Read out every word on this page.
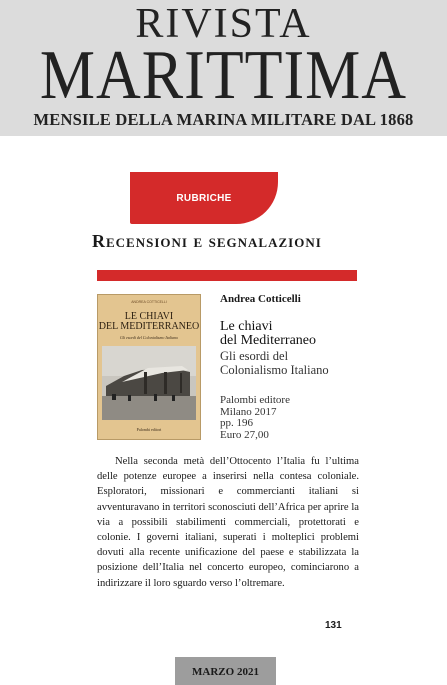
RIVISTA
MARITTIMA
MENSILE DELLA MARINA MILITARE DAL 1868
RUBRICHE
Recensioni e segnalazioni
ANDREA COTTICELLI
LE CHIAVI
DEL MEDITERRANEO
Gli esordi del Colonialismo Italiano
Palombi editori
Andrea Cotticelli
Le chiavi
del Mediterraneo
Gli esordi del
Colonialismo Italiano
Palombi editore
Milano 2017
pp. 196
Euro 27,00

Nella seconda metà dell’Ottocento l’Italia fu l’ultima delle potenze europee a inserirsi nella contesa coloniale. Esploratori, missionari e commercianti italiani si avventuravano in territori sconosciuti dell’Africa per aprire la via a possibili stabilimenti commerciali, protettorati e colonie. I governi italiani, superati i molteplici problemi dovuti alla recente unificazione del paese e stabilizzata la posizione dell’Italia nel concerto europeo, cominciarono a indirizzare il loro sguardo verso l’oltremare.

131
MARZO 2021
